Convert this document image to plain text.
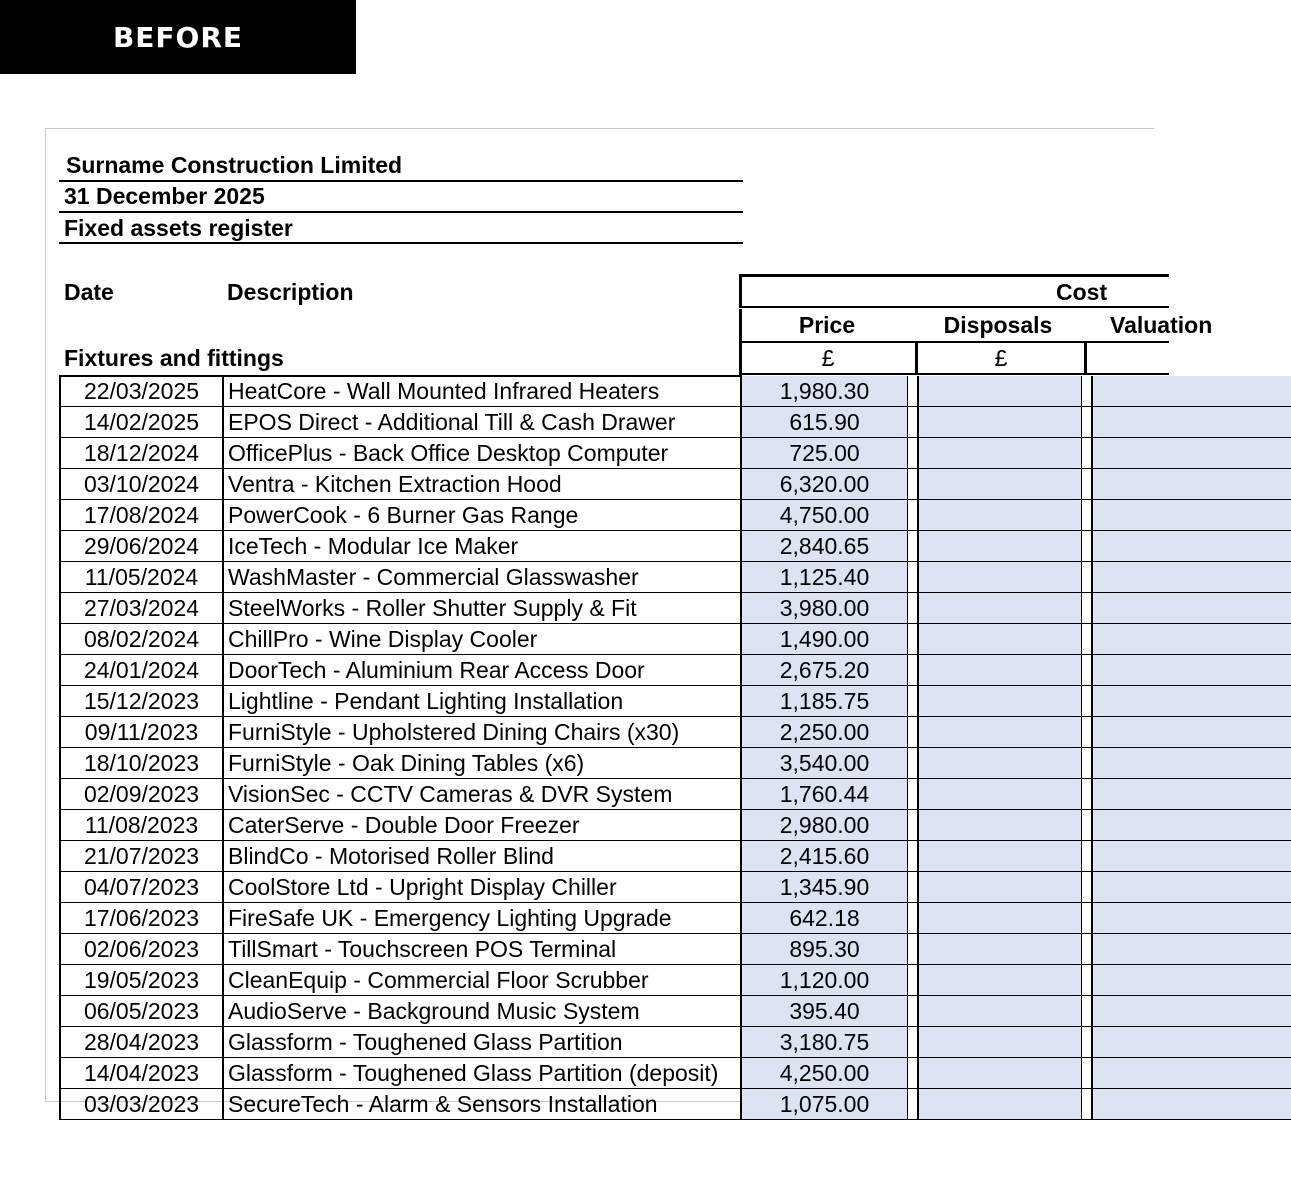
BEFORE
Surname Construction Limited
31 December 2025
Fixed assets register
Date	Description	Cost
Price	Disposals	Valuation
£	£
Fixtures and fittings
22/03/2025	HeatCore - Wall Mounted Infrared Heaters	1,980.30
14/02/2025	EPOS Direct - Additional Till & Cash Drawer	615.90
18/12/2024	OfficePlus - Back Office Desktop Computer	725.00
03/10/2024	Ventra - Kitchen Extraction Hood	6,320.00
17/08/2024	PowerCook - 6 Burner Gas Range	4,750.00
29/06/2024	IceTech - Modular Ice Maker	2,840.65
11/05/2024	WashMaster - Commercial Glasswasher	1,125.40
27/03/2024	SteelWorks - Roller Shutter Supply & Fit	3,980.00
08/02/2024	ChillPro - Wine Display Cooler	1,490.00
24/01/2024	DoorTech - Aluminium Rear Access Door	2,675.20
15/12/2023	Lightline - Pendant Lighting Installation	1,185.75
09/11/2023	FurniStyle - Upholstered Dining Chairs (x30)	2,250.00
18/10/2023	FurniStyle - Oak Dining Tables (x6)	3,540.00
02/09/2023	VisionSec - CCTV Cameras & DVR System	1,760.44
11/08/2023	CaterServe - Double Door Freezer	2,980.00
21/07/2023	BlindCo - Motorised Roller Blind	2,415.60
04/07/2023	CoolStore Ltd - Upright Display Chiller	1,345.90
17/06/2023	FireSafe UK - Emergency Lighting Upgrade	642.18
02/06/2023	TillSmart - Touchscreen POS Terminal	895.30
19/05/2023	CleanEquip - Commercial Floor Scrubber	1,120.00
06/05/2023	AudioServe - Background Music System	395.40
28/04/2023	Glassform - Toughened Glass Partition	3,180.75
14/04/2023	Glassform - Toughened Glass Partition (deposit)	4,250.00
03/03/2023	SecureTech - Alarm & Sensors Installation	1,075.00
